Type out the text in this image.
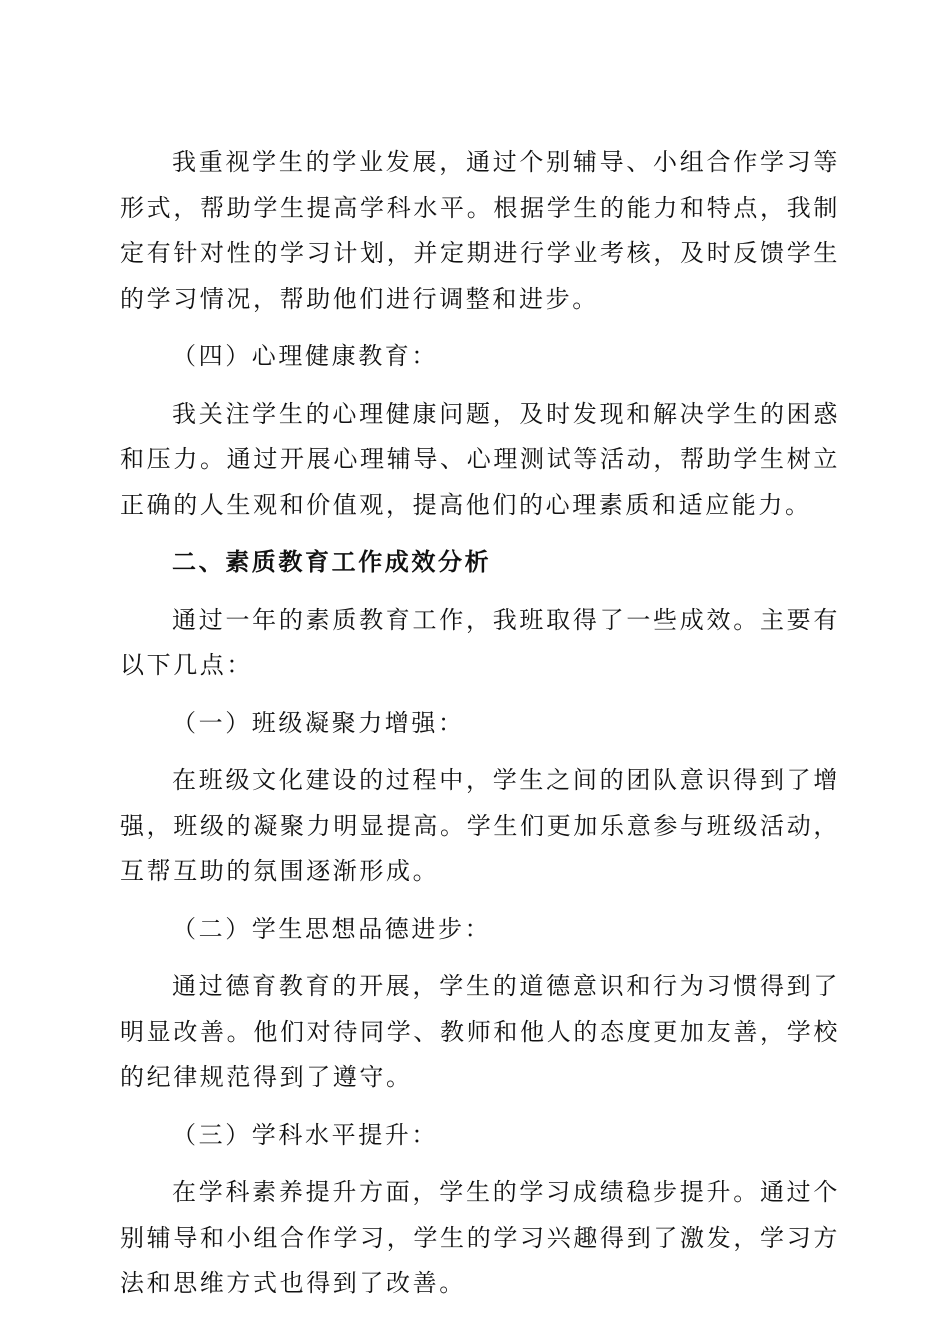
我重视学生的学业发展，通过个别辅导、小组合作学习等形式，帮助学生提高学科水平。根据学生的能力和特点，我制定有针对性的学习计划，并定期进行学业考核，及时反馈学生的学习情况，帮助他们进行调整和进步。

（四）心理健康教育：

我关注学生的心理健康问题，及时发现和解决学生的困惑和压力。通过开展心理辅导、心理测试等活动，帮助学生树立正确的人生观和价值观，提高他们的心理素质和适应能力。

二、素质教育工作成效分析

通过一年的素质教育工作，我班取得了一些成效。主要有以下几点：

（一）班级凝聚力增强：

在班级文化建设的过程中，学生之间的团队意识得到了增强，班级的凝聚力明显提高。学生们更加乐意参与班级活动，互帮互助的氛围逐渐形成。

（二）学生思想品德进步：

通过德育教育的开展，学生的道德意识和行为习惯得到了明显改善。他们对待同学、教师和他人的态度更加友善，学校的纪律规范得到了遵守。

（三）学科水平提升：

在学科素养提升方面，学生的学习成绩稳步提升。通过个别辅导和小组合作学习，学生的学习兴趣得到了激发，学习方法和思维方式也得到了改善。
